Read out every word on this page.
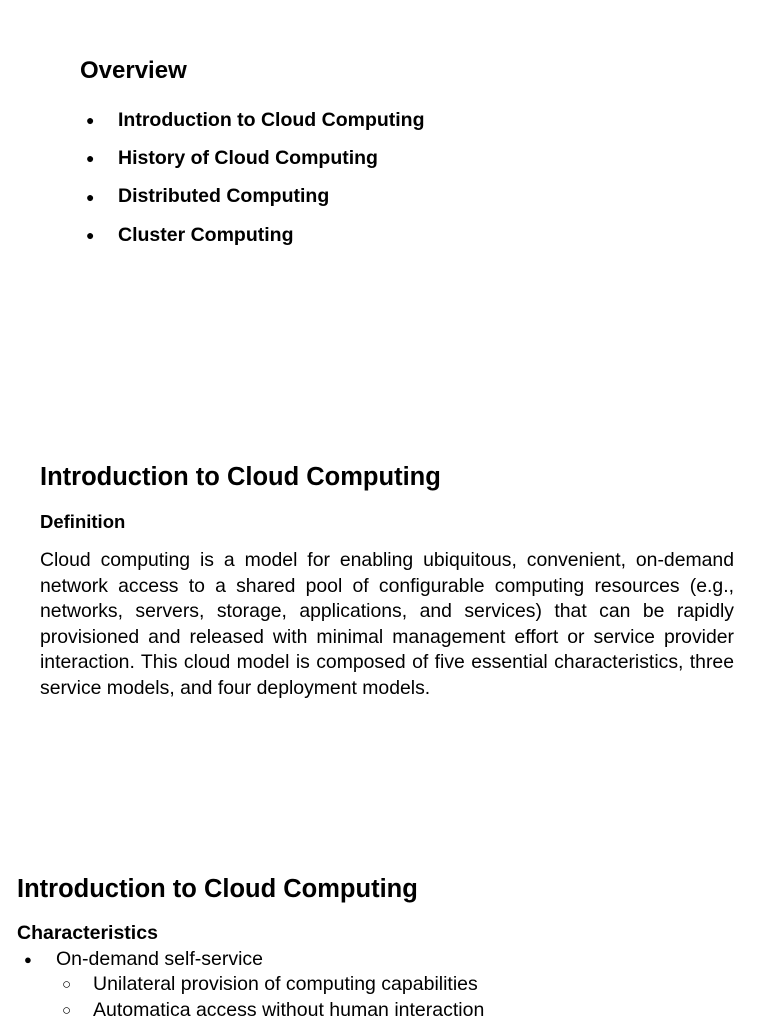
Overview
●	Introduction to Cloud Computing
●	History of Cloud Computing
●	Distributed Computing
●	Cluster Computing
Introduction to Cloud Computing
Definition

Cloud computing is a model for enabling ubiquitous, convenient, on-demand network access to a shared pool of configurable computing resources (e.g., networks, servers, storage, applications, and services) that can be rapidly provisioned and released with minimal management effort or service provider interaction. This cloud model is composed of five essential characteristics, three service models, and four deployment models.

Introduction to Cloud Computing
Characteristics
●	On-demand self-service
○	Unilateral provision of computing capabilities
○	Automatica access without human interaction
